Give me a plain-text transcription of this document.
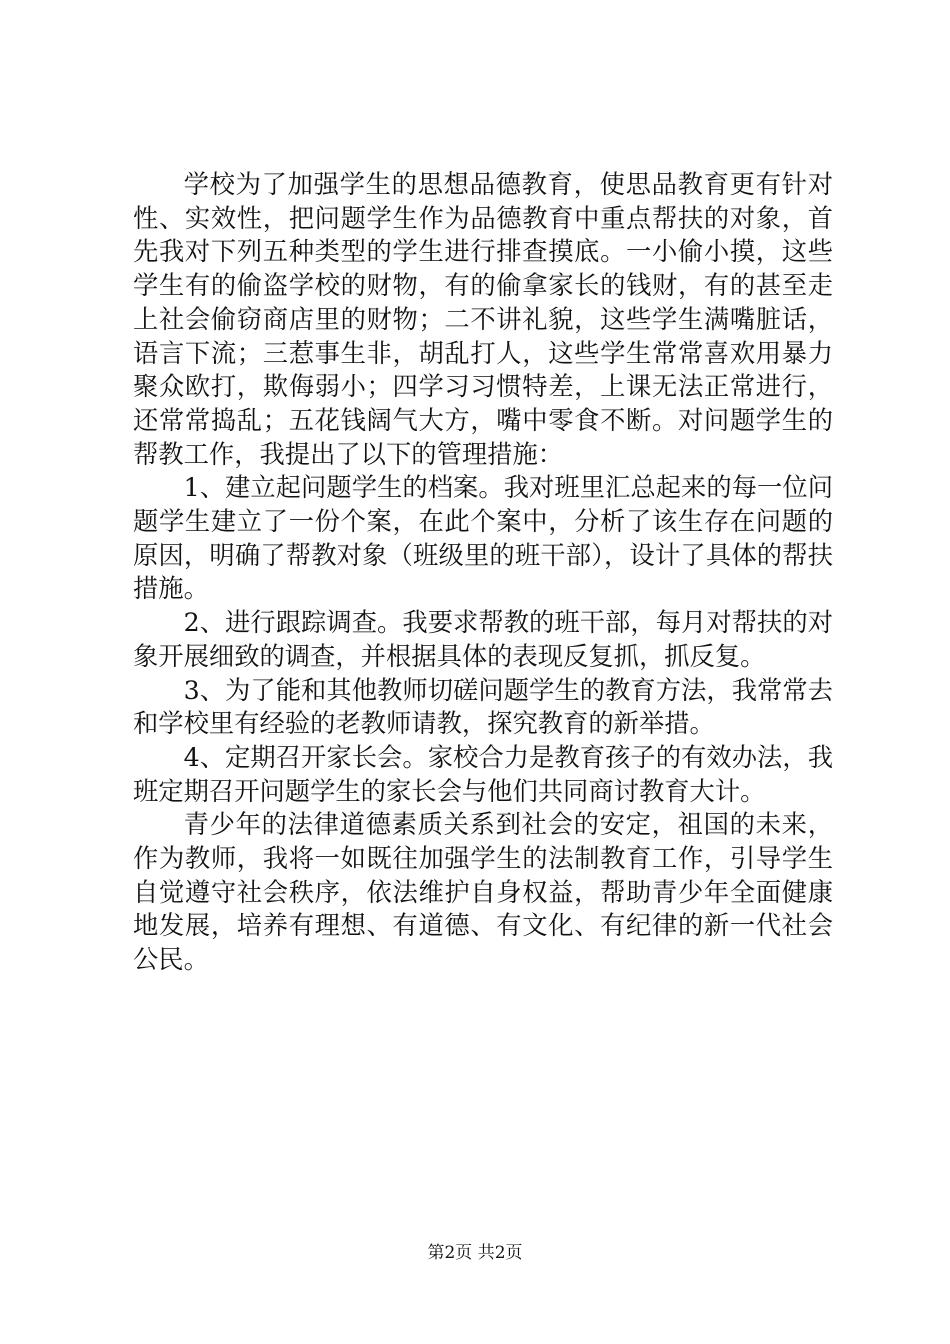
学校为了加强学生的思想品德教育，使思品教育更有针对性、实效性，把问题学生作为品德教育中重点帮扶的对象，首先我对下列五种类型的学生进行排查摸底。一小偷小摸，这些学生有的偷盗学校的财物，有的偷拿家长的钱财，有的甚至走上社会偷窃商店里的财物；二不讲礼貌，这些学生满嘴脏话，语言下流；三惹事生非，胡乱打人，这些学生常常喜欢用暴力聚众欧打，欺侮弱小；四学习习惯特差，上课无法正常进行，还常常捣乱；五花钱阔气大方，嘴中零食不断。对问题学生的帮教工作，我提出了以下的管理措施：

1、建立起问题学生的档案。我对班里汇总起来的每一位问题学生建立了一份个案，在此个案中，分析了该生存在问题的原因，明确了帮教对象（班级里的班干部），设计了具体的帮扶措施。

2、进行跟踪调查。我要求帮教的班干部，每月对帮扶的对象开展细致的调查，并根据具体的表现反复抓，抓反复。

3、为了能和其他教师切磋问题学生的教育方法，我常常去和学校里有经验的老教师请教，探究教育的新举措。

4、定期召开家长会。家校合力是教育孩子的有效办法，我班定期召开问题学生的家长会与他们共同商讨教育大计。

青少年的法律道德素质关系到社会的安定，祖国的未来，作为教师，我将一如既往加强学生的法制教育工作，引导学生自觉遵守社会秩序，依法维护自身权益，帮助青少年全面健康地发展，培养有理想、有道德、有文化、有纪律的新一代社会公民。

第2页 共2页
